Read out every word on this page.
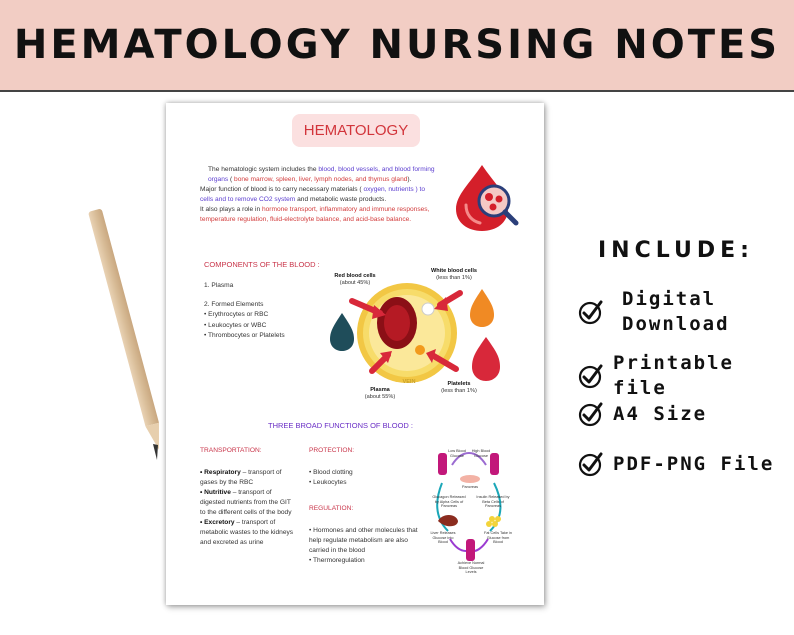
HEMATOLOGY NURSING NOTES
HEMATOLOGY
The hematologic system includes the blood, blood vessels, and blood forming organs ( bone marrow, spleen, liver, lymph nodes, and thymus gland).
Major function of blood is to carry necessary materials ( oxygen, nutrients ) to cells and to remove CO2 system and metabolic waste products.
It also plays a role in hormone transport, inflammatory and immune responses, temperature regulation, fluid-electrolyte balance, and acid-base balance.
COMPONENTS OF THE BLOOD :
1. Plasma
2. Formed Elements
• Erythrocytes or RBC
• Leukocytes or WBC
• Thrombocytes or Platelets
Red blood cells
(about 45%)
White blood cells
(less than 1%)
Plasma
(about 55%)
Platelets
(less than 1%)
VEIN
THREE BROAD FUNCTIONS OF BLOOD :
TRANSPORTATION:
• Respiratory – transport of gases by the RBC
• Nutritive – transport of digested nutrients from the GIT to the different cells of the body
• Excretory – transport of metabolic wastes to the kidneys and excreted as urine
PROTECTION:
• Blood clotting
• Leukocytes
REGULATION:
• Hormones and other molecules that help regulate metabolism are also carried in the blood
• Thermoregulation
Low Blood Glucose
High Blood Glucose
Pancreas
Glucagon Released by Alpha Cells of Pancreas
Insulin Released by Beta Cells of Pancreas
Liver Releases Glucose into Blood
Fat Cells Take in Glucose from Blood
Achieve Normal Blood Glucose Levels
INCLUDE:
Digital
Download
Printable file
A4 Size
PDF-PNG File
